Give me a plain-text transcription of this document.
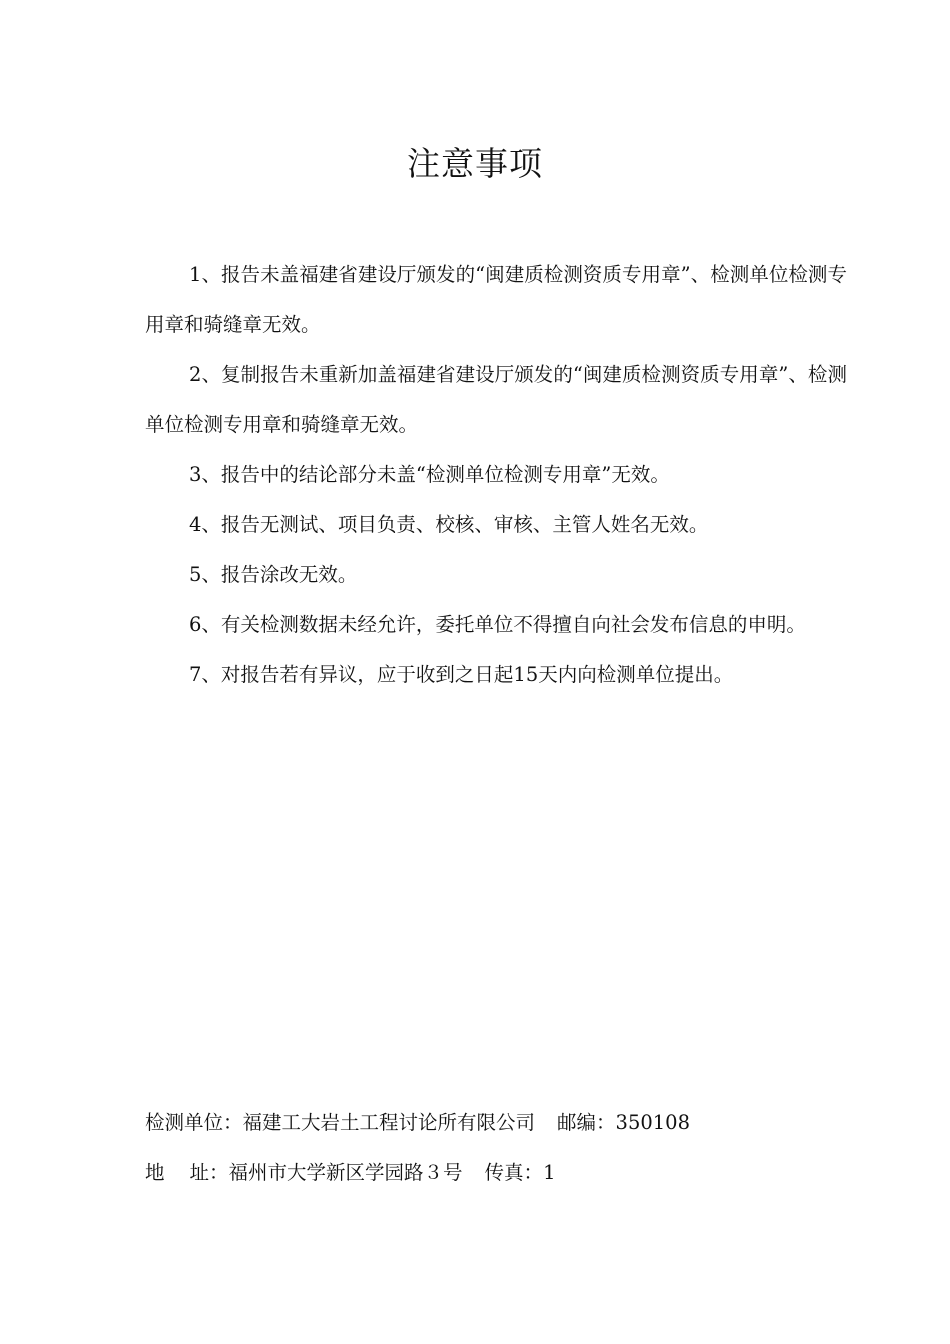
注意事项

1、报告未盖福建省建设厅颁发的“闽建质检测资质专用章”、检测单位检测专用章和骑缝章无效。

2、复制报告未重新加盖福建省建设厅颁发的“闽建质检测资质专用章”、检测单位检测专用章和骑缝章无效。

3、报告中的结论部分未盖“检测单位检测专用章”无效。

4、报告无测试、项目负责、校核、审核、主管人姓名无效。

5、报告涂改无效。

6、有关检测数据未经允许，委托单位不得擅自向社会发布信息的申明。

7、对报告若有异议，应于收到之日起15天内向检测单位提出。

检测单位：福建工大岩土工程讨论所有限公司 邮编：350108
地 址：福州市大学新区学园路３号 传真：1
